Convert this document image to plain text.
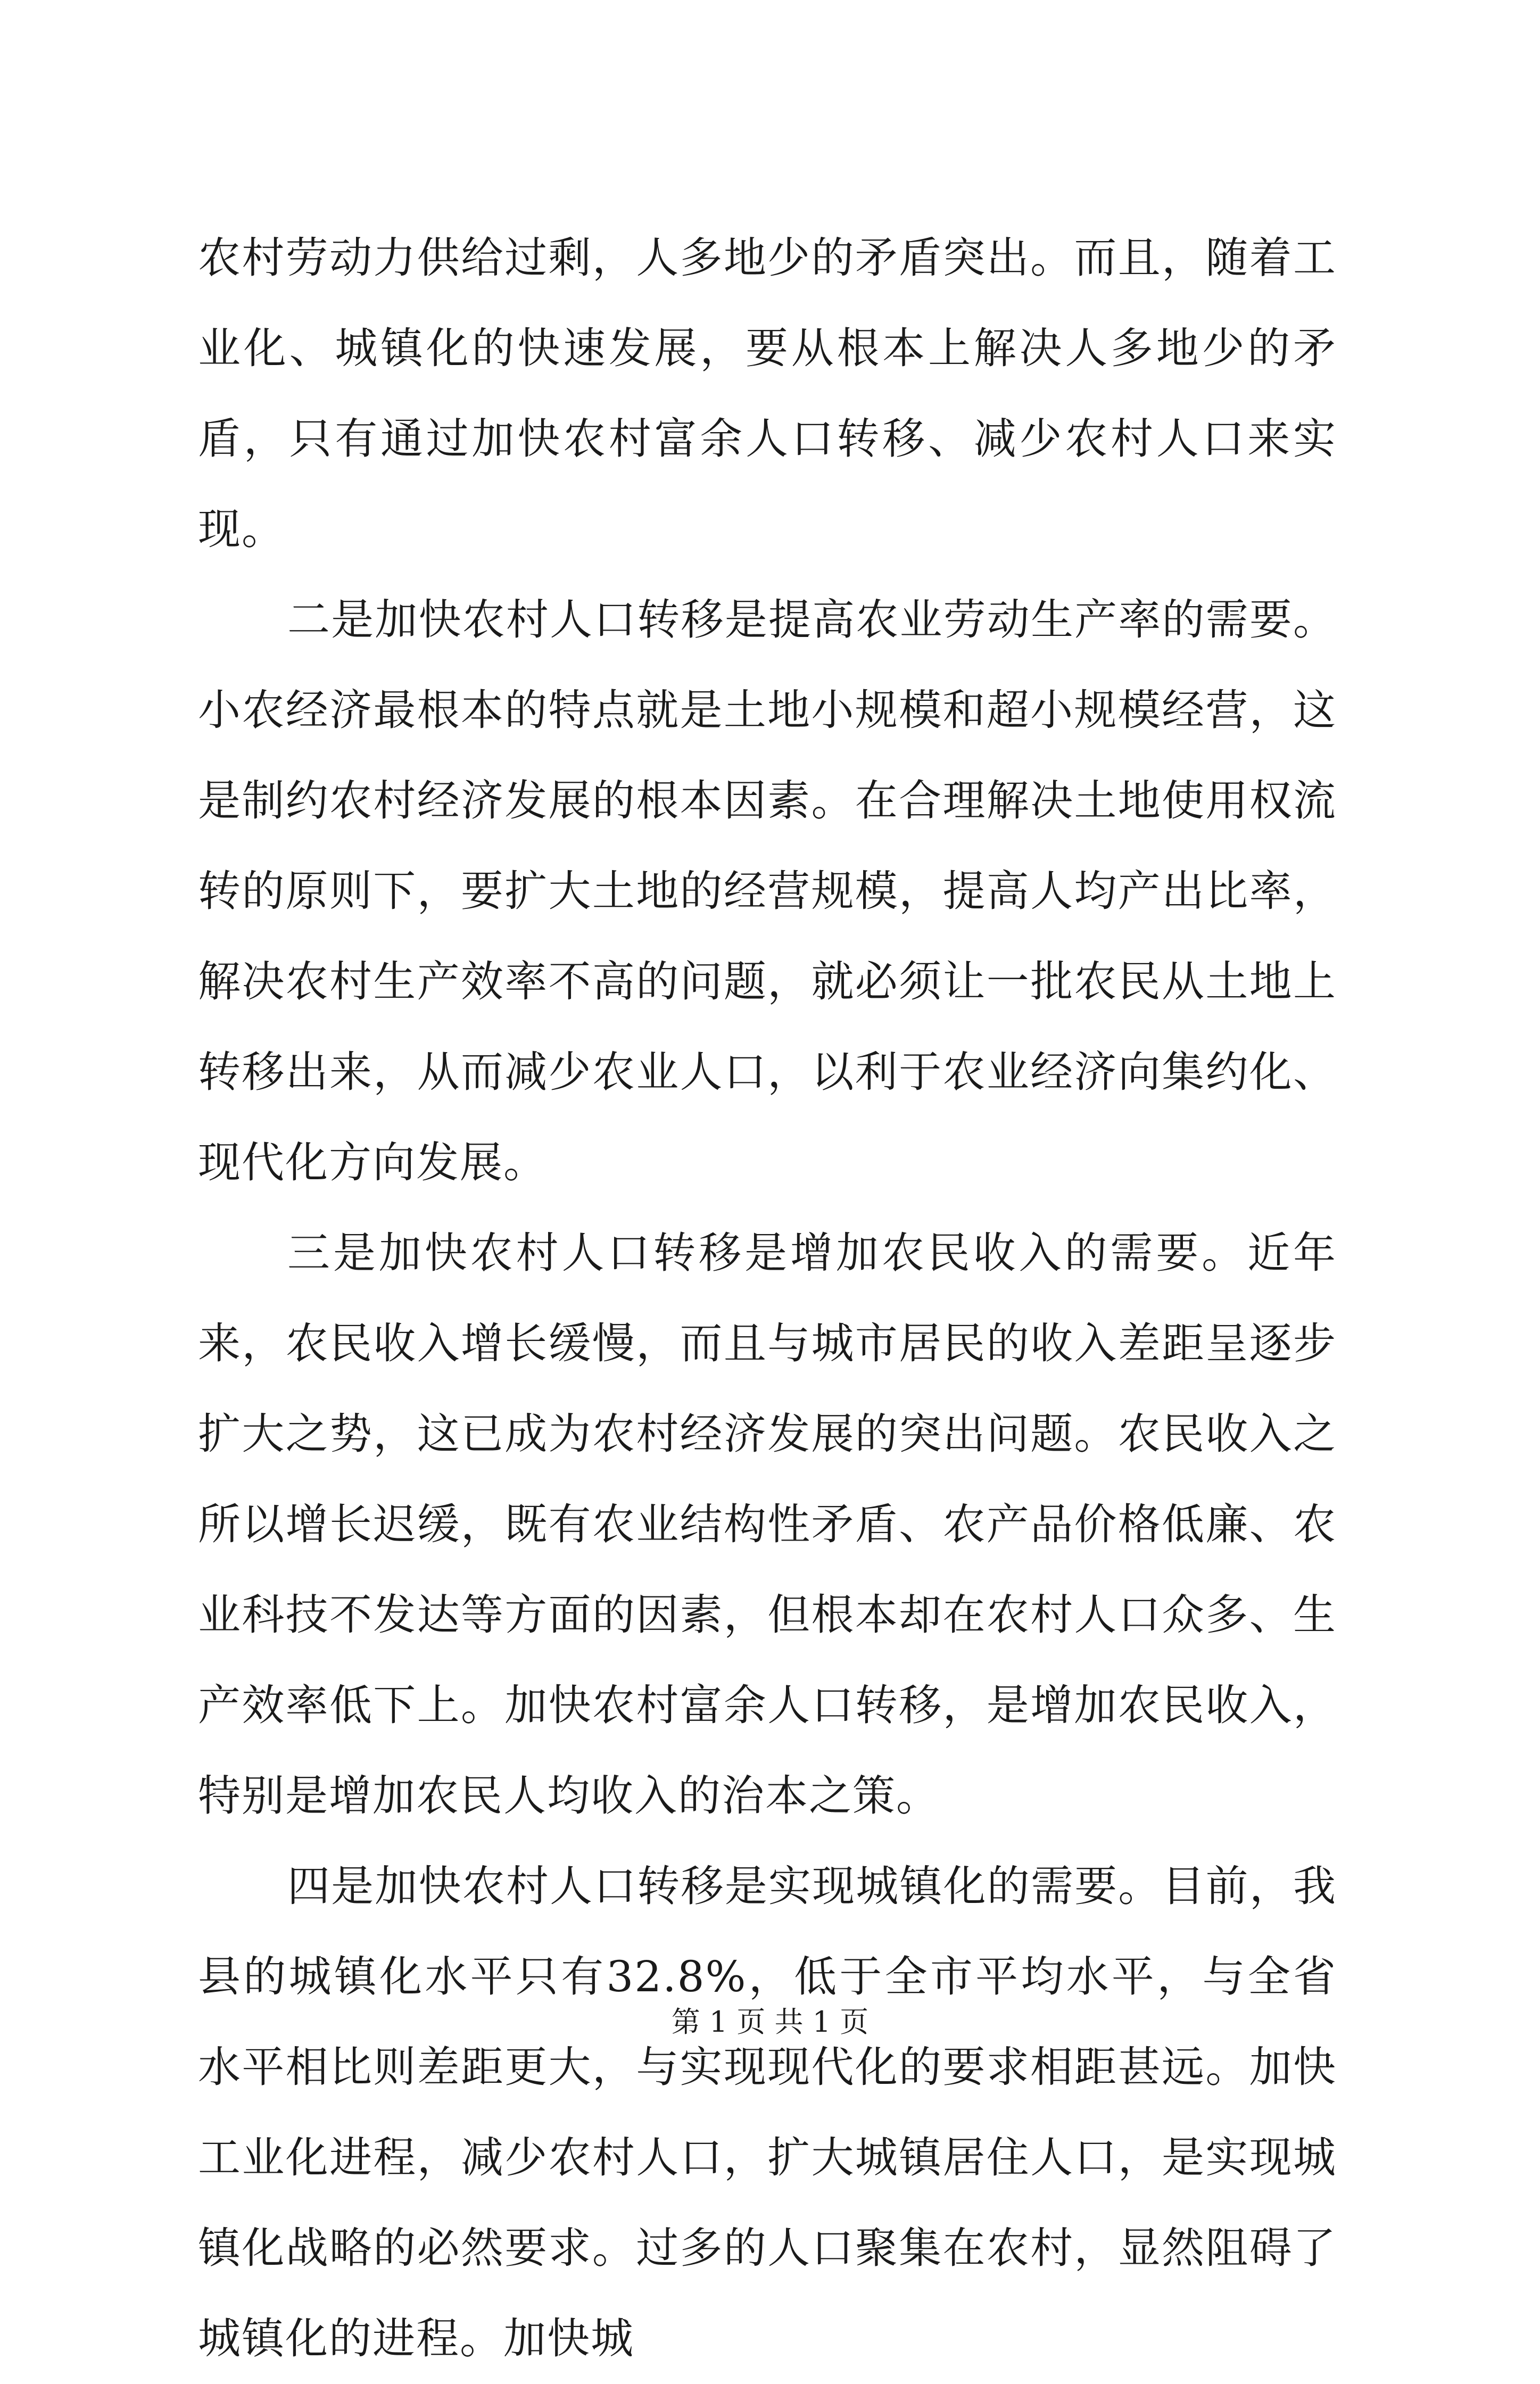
农村劳动力供给过剩，人多地少的矛盾突出。而且，随着工业化、城镇化的快速发展，要从根本上解决人多地少的矛盾，只有通过加快农村富余人口转移、减少农村人口来实现。

二是加快农村人口转移是提高农业劳动生产率的需要。小农经济最根本的特点就是土地小规模和超小规模经营，这是制约农村经济发展的根本因素。在合理解决土地使用权流转的原则下，要扩大土地的经营规模，提高人均产出比率，解决农村生产效率不高的问题，就必须让一批农民从土地上转移出来，从而减少农业人口，以利于农业经济向集约化、现代化方向发展。

三是加快农村人口转移是增加农民收入的需要。近年来，农民收入增长缓慢，而且与城市居民的收入差距呈逐步扩大之势，这已成为农村经济发展的突出问题。农民收入之所以增长迟缓，既有农业结构性矛盾、农产品价格低廉、农业科技不发达等方面的因素，但根本却在农村人口众多、生产效率低下上。加快农村富余人口转移，是增加农民收入，特别是增加农民人均收入的治本之策。

四是加快农村人口转移是实现城镇化的需要。目前，我县的城镇化水平只有32.8%，低于全市平均水平，与全省水平相比则差距更大，与实现现代化的要求相距甚远。加快工业化进程，减少农村人口，扩大城镇居住人口，是实现城镇化战略的必然要求。过多的人口聚集在农村，显然阻碍了城镇化的进程。加快城

第 1 页 共 1 页
